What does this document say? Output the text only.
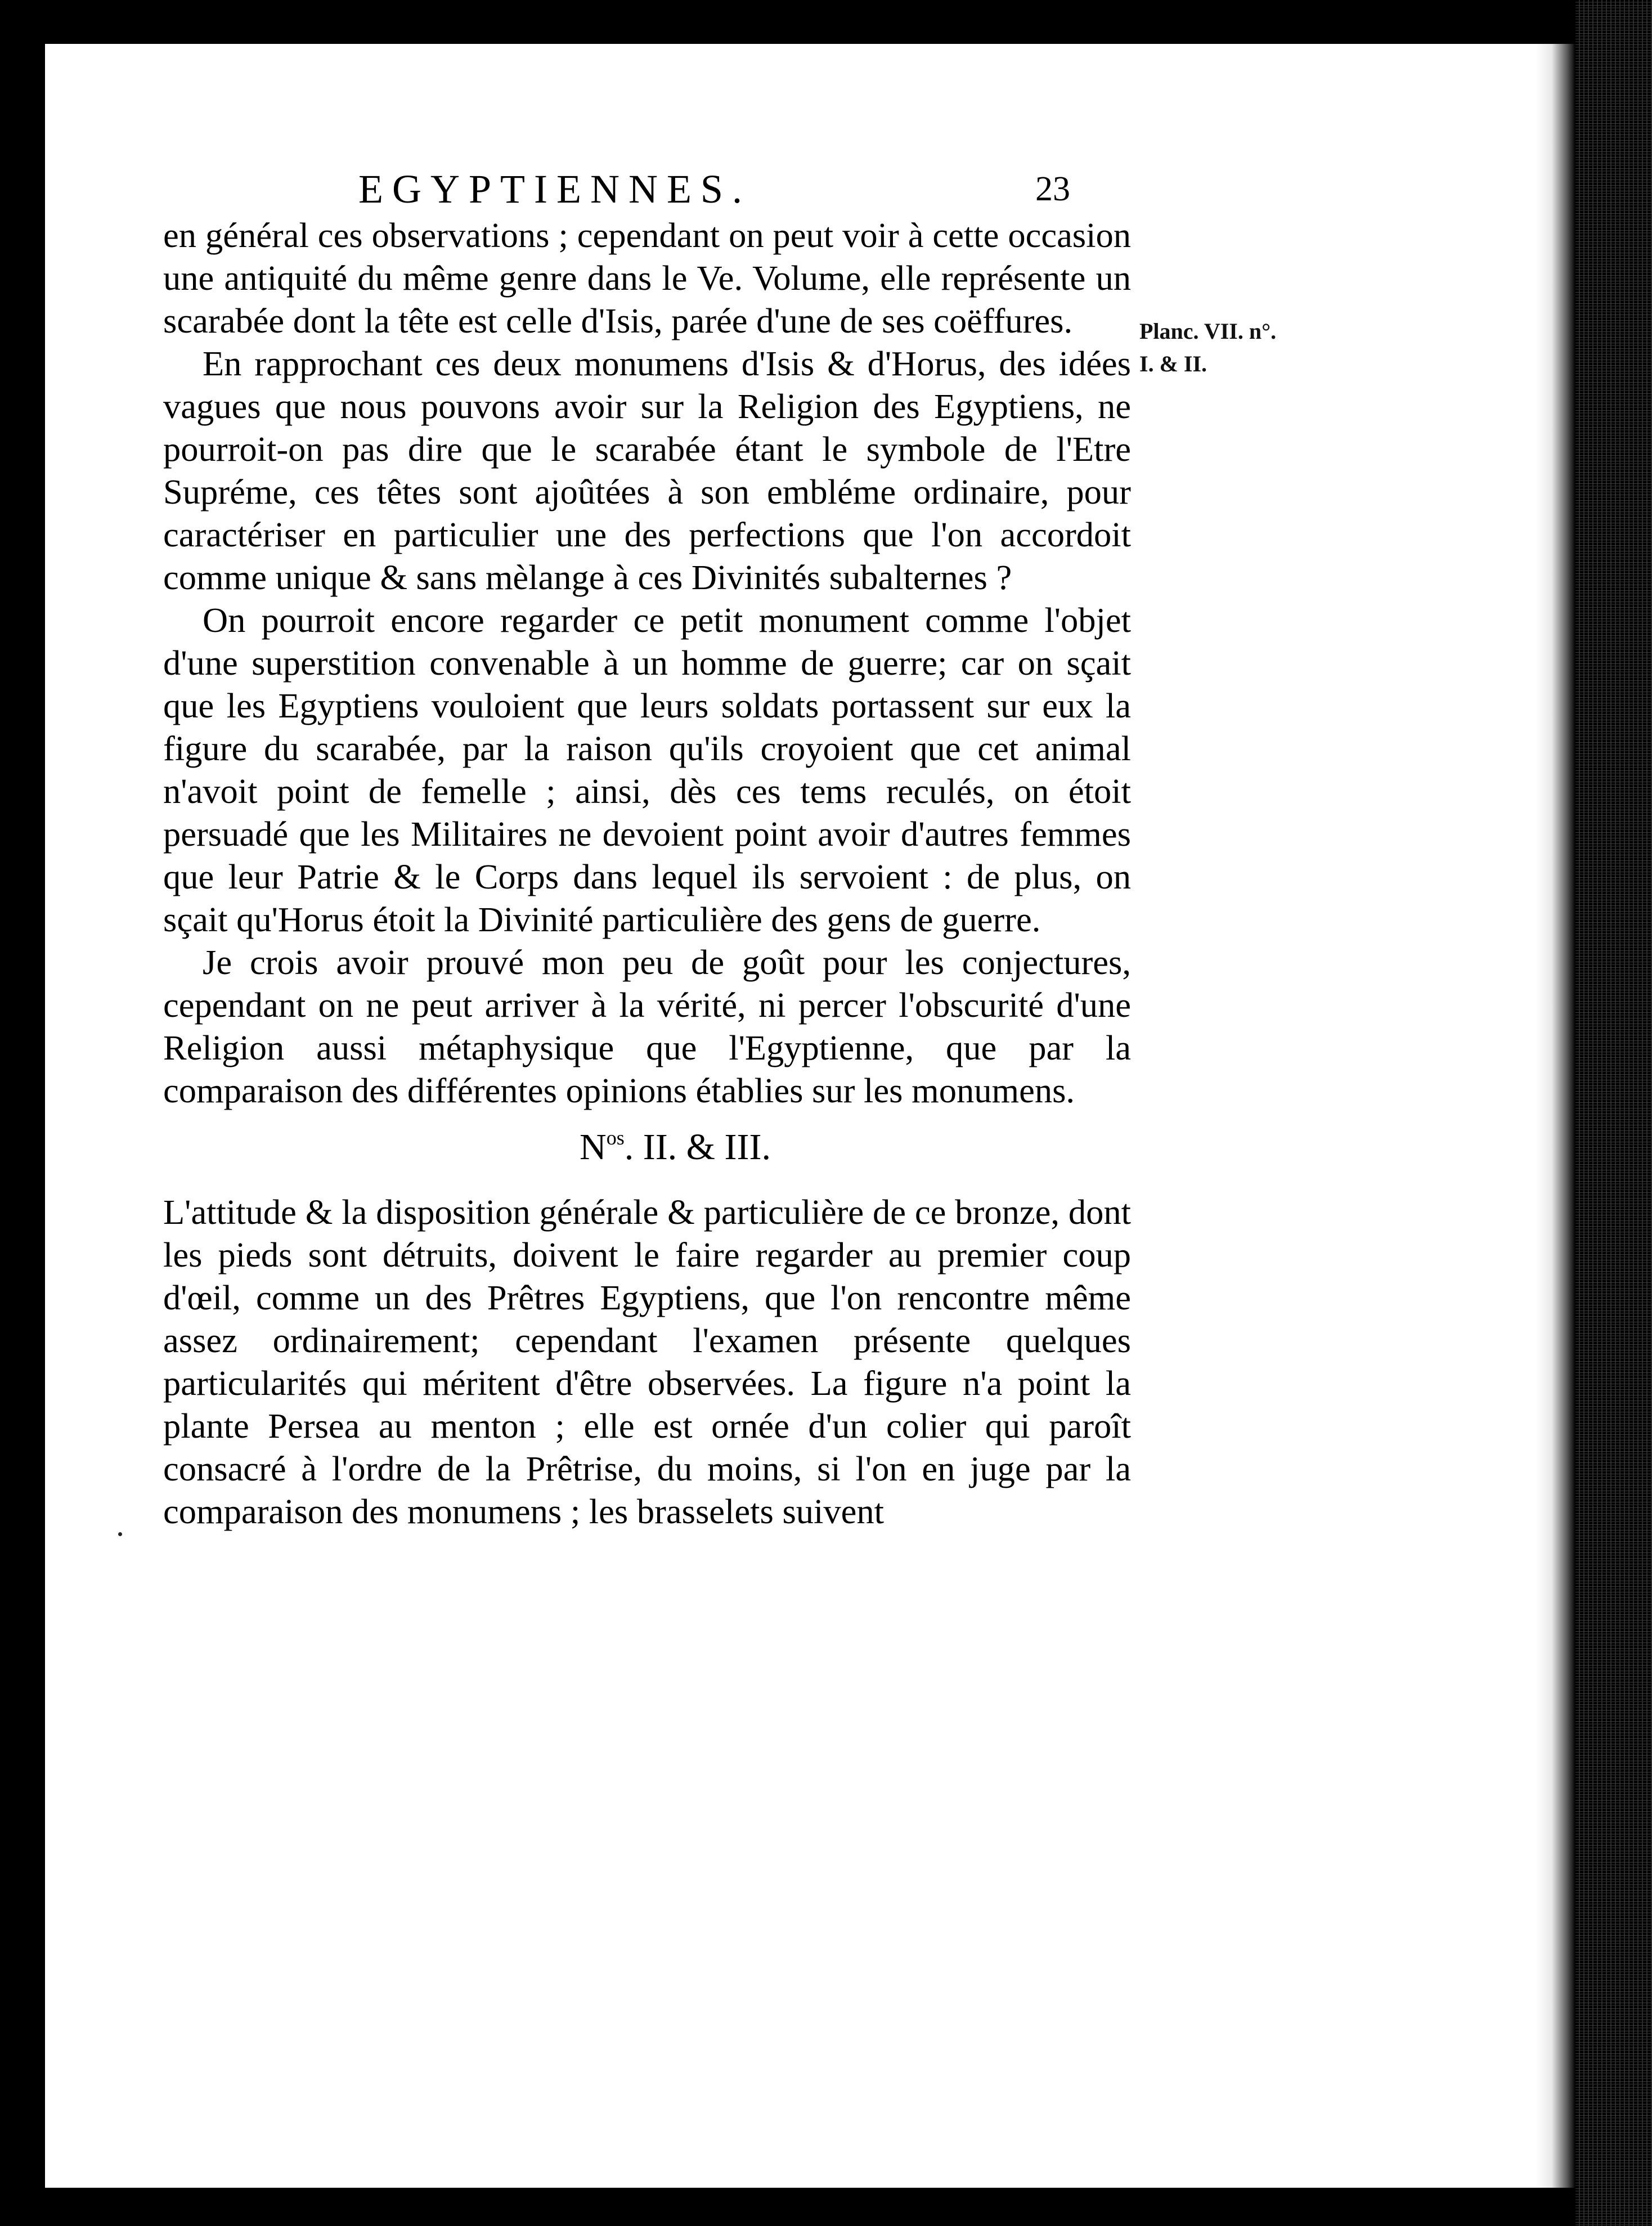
EGYPTIENNES.	23
Planc. VII. n°.
I. & II.

en général ces observations ; cependant on peut voir à cette occasion une antiquité du même genre dans le Ve. Volume, elle représente un scarabée dont la tête est celle d'Isis, parée d'une de ses coëffures.

En rapprochant ces deux monumens d'Isis & d'Horus, des idées vagues que nous pouvons avoir sur la Religion des Egyptiens, ne pourroit-on pas dire que le scarabée étant le symbole de l'Etre Supréme, ces têtes sont ajoûtées à son embléme ordinaire, pour caractériser en particulier une des perfections que l'on accordoit comme unique & sans mèlange à ces Divinités subalternes ?

On pourroit encore regarder ce petit monument comme l'objet d'une superstition convenable à un homme de guerre; car on sçait que les Egyptiens vouloient que leurs soldats portassent sur eux la figure du scarabée, par la raison qu'ils croyoient que cet animal n'avoit point de femelle ; ainsi, dès ces tems reculés, on étoit persuadé que les Militaires ne devoient point avoir d'autres femmes que leur Patrie & le Corps dans lequel ils servoient : de plus, on sçait qu'Horus étoit la Divinité particulière des gens de guerre.

Je crois avoir prouvé mon peu de goût pour les conjectures, cependant on ne peut arriver à la vérité, ni percer l'obscurité d'une Religion aussi métaphysique que l'Egyptienne, que par la comparaison des différentes opinions établies sur les monumens.

$N^{os}$. II. & III.

L'attitude & la disposition générale & particulière de ce bronze, dont les pieds sont détruits, doivent le faire regarder au premier coup d'œil, comme un des Prêtres Egyptiens, que l'on rencontre même assez ordinairement; cependant l'examen présente quelques particularités qui méritent d'être observées. La figure n'a point la plante Persea au menton ; elle est ornée d'un colier qui paroît consacré à l'ordre de la Prêtrise, du moins, si l'on en juge par la comparaison des monumens ; les brasselets suivent
